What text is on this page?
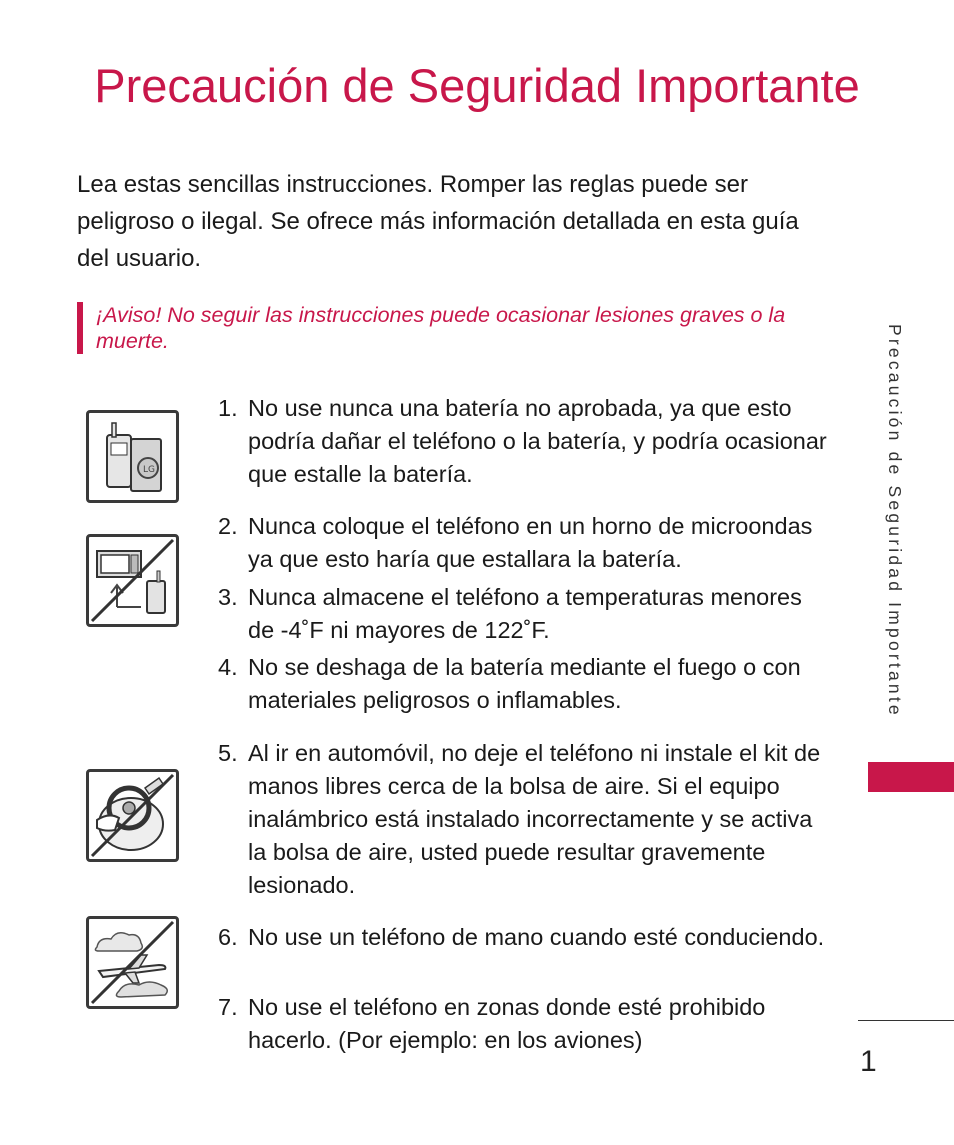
Precaución de Seguridad Importante

Lea estas sencillas instrucciones. Romper las reglas puede ser peligroso o ilegal. Se ofrece más información detallada en esta guía del usuario.

¡Aviso! No seguir las instrucciones puede ocasionar lesiones graves o la muerte.
LG
1. No use nunca una batería no aprobada, ya que esto podría dañar el teléfono o la batería, y podría ocasionar que estalle la batería.
2. Nunca coloque el teléfono en un horno de microondas ya que esto haría que estallara la batería.
3. Nunca almacene el teléfono a temperaturas menores de -4˚F ni mayores de 122˚F.
4. No se deshaga de la batería mediante el fuego o con materiales peligrosos o inflamables.
5. Al ir en automóvil, no deje el teléfono ni instale el kit de manos libres cerca de la bolsa de aire. Si el equipo inalámbrico está instalado incorrectamente y se activa la bolsa de aire, usted puede resultar gravemente lesionado.
6. No use un teléfono de mano cuando esté conduciendo.
7. No use el teléfono en zonas donde esté prohibido hacerlo. (Por ejemplo: en los aviones)
Precaución de Seguridad Importante
1
